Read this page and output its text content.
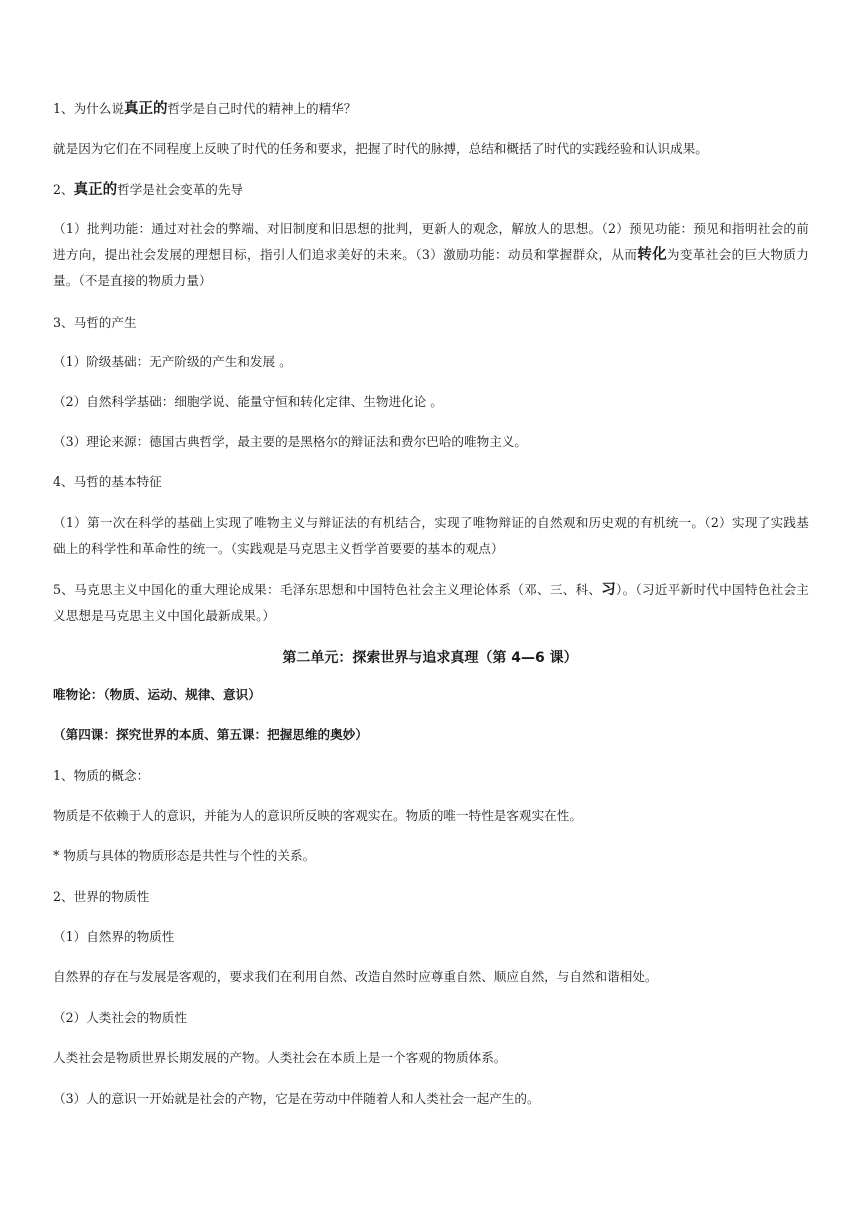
1、为什么说真正的哲学是自己时代的精神上的精华？

就是因为它们在不同程度上反映了时代的任务和要求，把握了时代的脉搏，总结和概括了时代的实践经验和认识成果。

2、真正的哲学是社会变革的先导

（1）批判功能：通过对社会的弊端、对旧制度和旧思想的批判，更新人的观念，解放人的思想。（2）预见功能：预见和指明社会的前进方向，提出社会发展的理想目标，指引人们追求美好的未来。（3）激励功能：动员和掌握群众，从而转化为变革社会的巨大物质力量。（不是直接的物质力量）

3、马哲的产生

（1）阶级基础：无产阶级的产生和发展 。

（2）自然科学基础：细胞学说、能量守恒和转化定律、生物进化论 。

（3）理论来源：德国古典哲学，最主要的是黑格尔的辩证法和费尔巴哈的唯物主义。

4、马哲的基本特征

（1）第一次在科学的基础上实现了唯物主义与辩证法的有机结合，实现了唯物辩证的自然观和历史观的有机统一。（2）实现了实践基础上的科学性和革命性的统一。（实践观是马克思主义哲学首要要的基本的观点）

5、马克思主义中国化的重大理论成果：毛泽东思想和中国特色社会主义理论体系（邓、三、科、习）。（习近平新时代中国特色社会主义思想是马克思主义中国化最新成果。）

第二单元：探索世界与追求真理（第 4—6 课）

唯物论：（物质、运动、规律、意识）

（第四课：探究世界的本质、第五课：把握思维的奥妙）

1、物质的概念：

物质是不依赖于人的意识，并能为人的意识所反映的客观实在。物质的唯一特性是客观实在性。

* 物质与具体的物质形态是共性与个性的关系。

2、世界的物质性

（1）自然界的物质性

自然界的存在与发展是客观的，要求我们在利用自然、改造自然时应尊重自然、顺应自然，与自然和谐相处。

（2）人类社会的物质性

人类社会是物质世界长期发展的产物。人类社会在本质上是一个客观的物质体系。

（3）人的意识一开始就是社会的产物，它是在劳动中伴随着人和人类社会一起产生的。
